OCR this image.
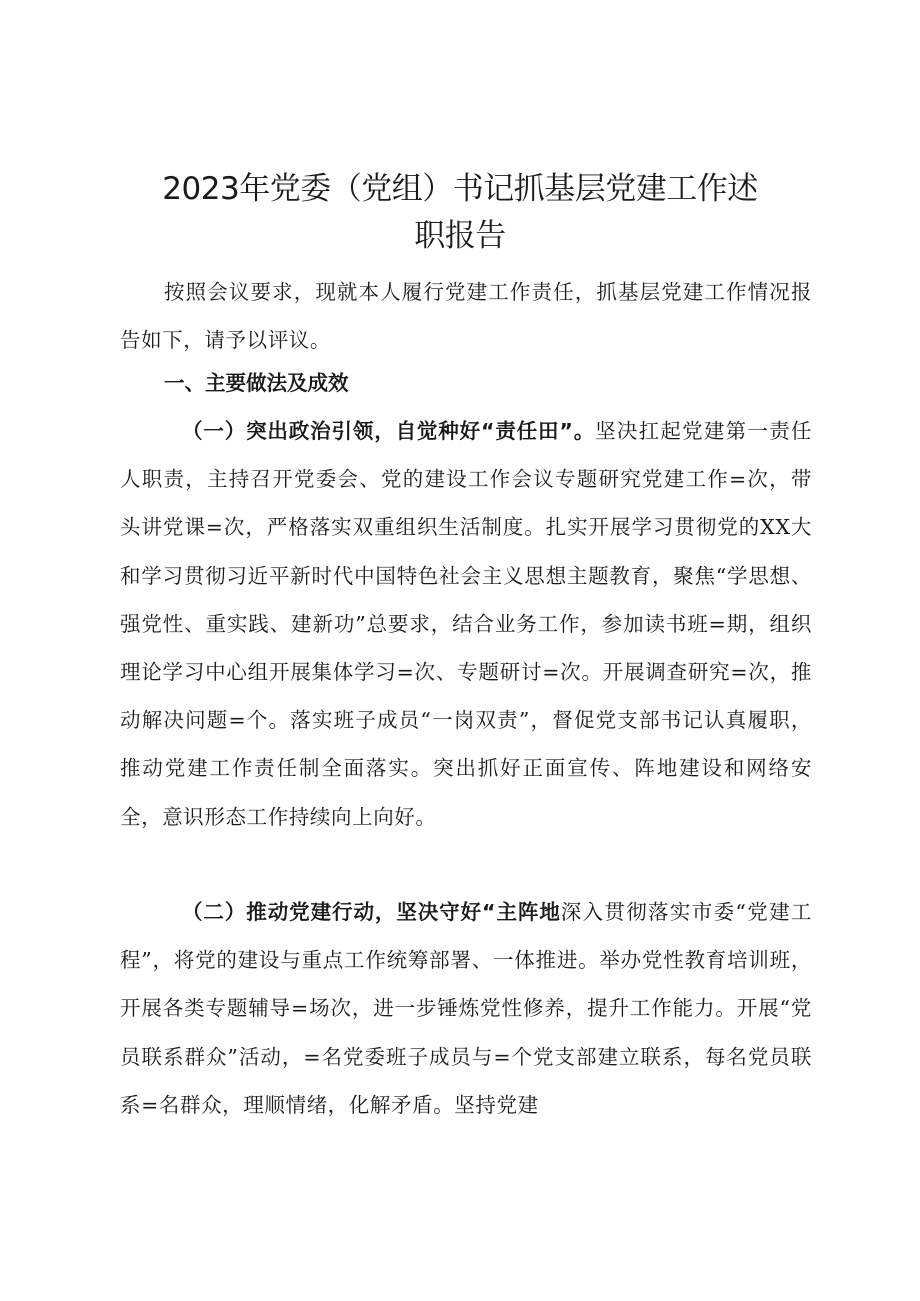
2023年党委（党组）书记抓基层党建工作述
职报告

按照会议要求，现就本人履行党建工作责任，抓基层党建工作情况报告如下，请予以评议。

一、主要做法及成效

（一）突出政治引领，自觉种好“责任田”。坚决扛起党建第一责任人职责，主持召开党委会、党的建设工作会议专题研究党建工作=次，带头讲党课=次，严格落实双重组织生活制度。扎实开展学习贯彻党的XX大和学习贯彻习近平新时代中国特色社会主义思想主题教育，聚焦“学思想、强党性、重实践、建新功”总要求，结合业务工作，参加读书班=期，组织理论学习中心组开展集体学习=次、专题研讨=次。开展调查研究=次，推动解决问题=个。落实班子成员“一岗双责”，督促党支部书记认真履职，推动党建工作责任制全面落实。突出抓好正面宣传、阵地建设和网络安全，意识形态工作持续向上向好。

（二）推动党建行动，坚决守好“主阵地深入贯彻落实市委“党建工程”，将党的建设与重点工作统筹部署、一体推进。举办党性教育培训班，开展各类专题辅导=场次，进一步锤炼党性修养，提升工作能力。开展“党员联系群众”活动，=名党委班子成员与=个党支部建立联系，每名党员联系=名群众，理顺情绪，化解矛盾。坚持党建
